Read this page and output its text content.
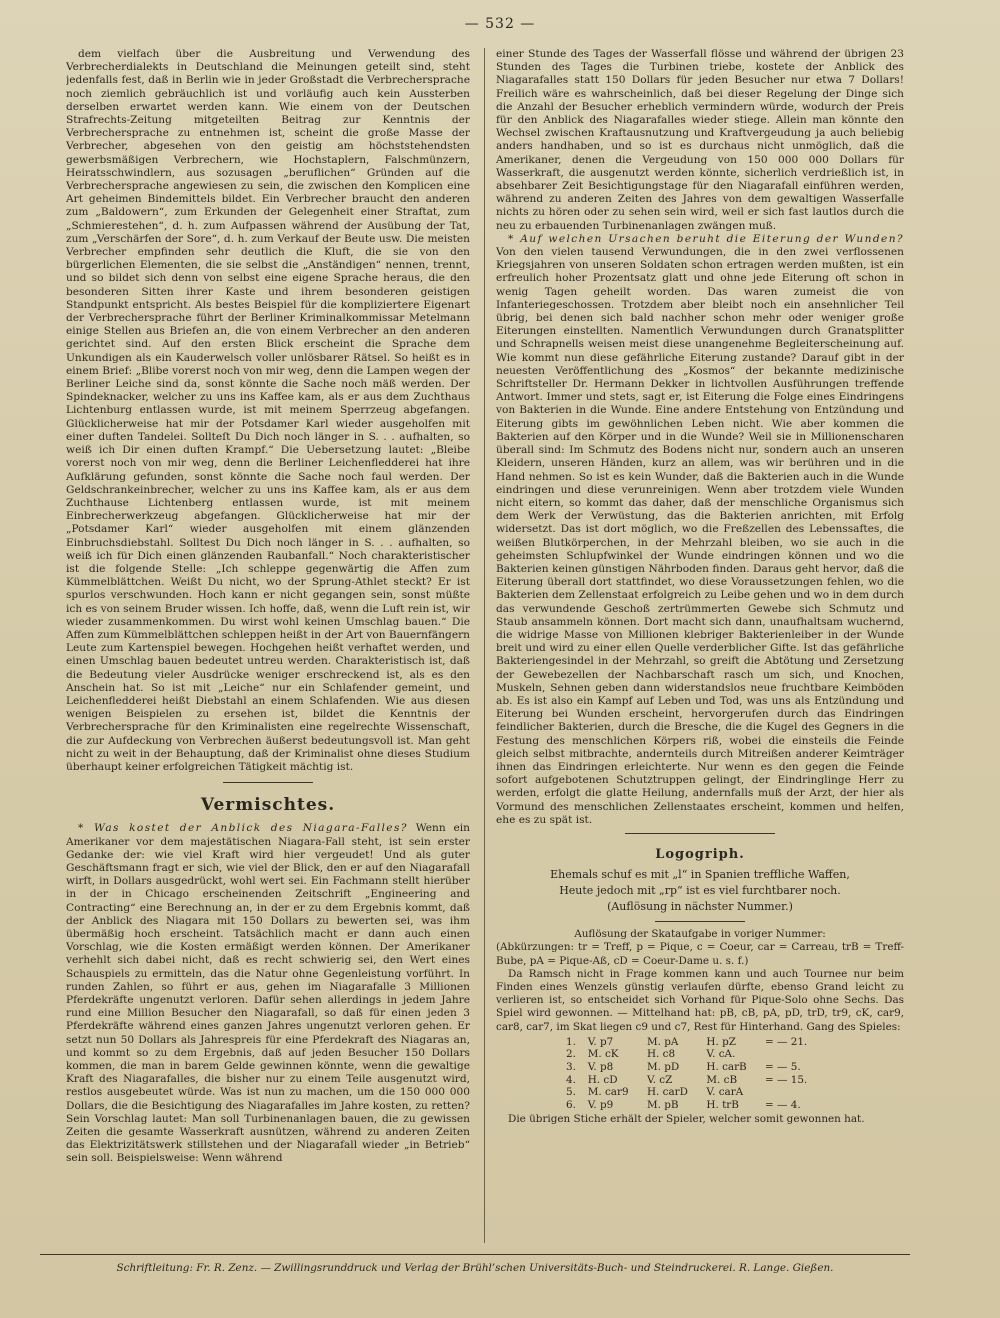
— 532 —

dem vielfach über die Ausbreitung und Verwendung des Verbrecherdialekts in Deutschland die Meinungen geteilt sind, steht jedenfalls fest, daß in Berlin wie in jeder Großstadt die Verbrechersprache noch ziemlich gebräuchlich ist und vorläufig auch kein Aussterben derselben erwartet werden kann. Wie einem von der Deutschen Strafrechts-Zeitung mitgeteilten Beitrag zur Kenntnis der Verbrechersprache zu entnehmen ist, scheint die große Masse der Verbrecher, abgesehen von den geistig am höchststehendsten gewerbsmäßigen Verbrechern, wie Hochstaplern, Falschmünzern, Heiratsschwindlern, aus sozusagen „beruflichen“ Gründen auf die Verbrechersprache angewiesen zu sein, die zwischen den Komplicen eine Art geheimen Bindemittels bildet. Ein Verbrecher braucht den anderen zum „Baldowern“, zum Erkunden der Gelegenheit einer Straftat, zum „Schmierestehen“, d. h. zum Aufpassen während der Ausübung der Tat, zum „Verschärfen der Sore“, d. h. zum Verkauf der Beute usw. Die meisten Verbrecher empfinden sehr deutlich die Kluft, die sie von den bürgerlichen Elementen, die sie selbst die „Anständigen“ nennen, trennt, und so bildet sich denn von selbst eine eigene Sprache heraus, die den besonderen Sitten ihrer Kaste und ihrem besonderen geistigen Standpunkt entspricht. Als bestes Beispiel für die kompliziertere Eigenart der Verbrechersprache führt der Berliner Kriminalkommissar Metelmann einige Stellen aus Briefen an, die von einem Verbrecher an den anderen gerichtet sind. Auf den ersten Blick erscheint die Sprache dem Unkundigen als ein Kauderwelsch voller unlösbarer Rätsel. So heißt es in einem Brief: „Blibe vorerst noch von mir weg, denn die Lampen wegen der Berliner Leiche sind da, sonst könnte die Sache noch mäß werden. Der Spindeknacker, welcher zu uns ins Kaffee kam, als er aus dem Zuchthaus Lichtenburg entlassen wurde, ist mit meinem Sperrzeug abgefangen. Glücklicherweise hat mir der Potsdamer Karl wieder ausgeholfen mit einer duften Tandelei. Sollteſt Du Dich noch länger in S. . . aufhalten, so weiß ich Dir einen duften Krampf.“ Die Uebersetzung lautet: „Bleibe vorerst noch von mir weg, denn die Berliner Leichenfledderei hat ihre Aufklärung gefunden, sonst könnte die Sache noch faul werden. Der Geldschrankeinbrecher, welcher zu uns ins Kaffee kam, als er aus dem Zuchthause Lichtenberg entlassen wurde, ist mit meinem Einbrecherwerkzeug abgefangen. Glücklicherweise hat mir der „Potsdamer Karl“ wieder ausgeholfen mit einem glänzenden Einbruchsdiebstahl. Solltest Du Dich noch länger in S. . . aufhalten, so weiß ich für Dich einen glänzenden Raubanfall.“ Noch charakteristischer ist die folgende Stelle: „Ich schleppe gegenwärtig die Affen zum Kümmelblättchen. Weißt Du nicht, wo der Sprung-Athlet steckt? Er ist spurlos verschwunden. Hoch kann er nicht gegangen sein, sonst müßte ich es von seinem Bruder wissen. Ich hoffe, daß, wenn die Luft rein ist, wir wieder zusammenkommen. Du wirst wohl keinen Umschlag bauen.“ Die Affen zum Kümmelblättchen schleppen heißt in der Art von Bauernfängern Leute zum Kartenspiel bewegen. Hochgehen heißt verhaftet werden, und einen Umschlag bauen bedeutet untreu werden. Charakteristisch ist, daß die Bedeutung vieler Ausdrücke weniger erschreckend ist, als es den Anschein hat. So ist mit „Leiche“ nur ein Schlafender gemeint, und Leichenfledderei heißt Diebstahl an einem Schlafenden. Wie aus diesen wenigen Beispielen zu ersehen ist, bildet die Kenntnis der Verbrechersprache für den Kriminalisten eine regelrechte Wissenschaft, die zur Aufdeckung von Verbrechen äußerst bedeutungsvoll ist. Man geht nicht zu weit in der Behauptung, daß der Kriminalist ohne dieses Studium überhaupt keiner erfolgreichen Tätigkeit mächtig ist.

Vermischtes.

* Was kostet der Anblick des Niagara-Falles? Wenn ein Amerikaner vor dem majestätischen Niagara-Fall steht, ist sein erster Gedanke der: wie viel Kraft wird hier vergeudet! Und als guter Geschäftsmann fragt er sich, wie viel der Blick, den er auf den Niagarafall wirft, in Dollars ausgedrückt, wohl wert sei. Ein Fachmann stellt hierüber in der in Chicago erscheinenden Zeitschrift „Engineering and Contracting“ eine Berechnung an, in der er zu dem Ergebnis kommt, daß der Anblick des Niagara mit 150 Dollars zu bewerten sei, was ihm übermäßig hoch erscheint. Tatsächlich macht er dann auch einen Vorschlag, wie die Kosten ermäßigt werden können. Der Amerikaner verhehlt sich dabei nicht, daß es recht schwierig sei, den Wert eines Schauspiels zu ermitteln, das die Natur ohne Gegenleistung vorführt. In runden Zahlen, so führt er aus, gehen im Niagarafalle 3 Millionen Pferdekräfte ungenutzt verloren. Dafür sehen allerdings in jedem Jahre rund eine Million Besucher den Niagarafall, so daß für einen jeden 3 Pferdekräfte während eines ganzen Jahres ungenutzt verloren gehen. Er setzt nun 50 Dollars als Jahrespreis für eine Pferdekraft des Niagaras an, und kommt so zu dem Ergebnis, daß auf jeden Besucher 150 Dollars kommen, die man in barem Gelde gewinnen könnte, wenn die gewaltige Kraft des Niagarafalles, die bisher nur zu einem Teile ausgenutzt wird, restlos ausgebeutet würde. Was ist nun zu machen, um die 150 000 000 Dollars, die die Besichtigung des Niagarafalles im Jahre kosten, zu retten? Sein Vorschlag lautet: Man soll Turbinenanlagen bauen, die zu gewissen Zeiten die gesamte Wasserkraft ausnützen, während zu anderen Zeiten das Elektrizitätswerk stillstehen und der Niagarafall wieder „in Betrieb“ sein soll. Beispielsweise: Wenn während

einer Stunde des Tages der Wasserfall flösse und während der übrigen 23 Stunden des Tages die Turbinen triebe, kostete der Anblick des Niagarafalles statt 150 Dollars für jeden Besucher nur etwa 7 Dollars! Freilich wäre es wahrscheinlich, daß bei dieser Regelung der Dinge sich die Anzahl der Besucher erheblich vermindern würde, wodurch der Preis für den Anblick des Niagarafalles wieder stiege. Allein man könnte den Wechsel zwischen Kraftausnutzung und Kraftvergeudung ja auch beliebig anders handhaben, und so ist es durchaus nicht unmöglich, daß die Amerikaner, denen die Vergeudung von 150 000 000 Dollars für Wasserkraft, die ausgenutzt werden könnte, sicherlich verdrießlich ist, in absehbarer Zeit Besichtigungstage für den Niagarafall einführen werden, während zu anderen Zeiten des Jahres von dem gewaltigen Wasserfalle nichts zu hören oder zu sehen sein wird, weil er sich fast lautlos durch die neu zu erbauenden Turbinenanlagen zwängen muß.

* Auf welchen Ursachen beruht die Eiterung der Wunden? Von den vielen tausend Verwundungen, die in den zwei verflossenen Kriegsjahren von unseren Soldaten schon ertragen werden mußten, ist ein erfreulich hoher Prozentsatz glatt und ohne jede Eiterung oft schon in wenig Tagen geheilt worden. Das waren zumeist die von Infanteriegeschossen. Trotzdem aber bleibt noch ein ansehnlicher Teil übrig, bei denen sich bald nachher schon mehr oder weniger große Eiterungen einstellten. Namentlich Verwundungen durch Granatsplitter und Schrapnells weisen meist diese unangenehme Begleiterscheinung auf. Wie kommt nun diese gefährliche Eiterung zustande? Darauf gibt in der neuesten Veröffentlichung des „Kosmos“ der bekannte medizinische Schriftsteller Dr. Hermann Dekker in lichtvollen Ausführungen treffende Antwort. Immer und stets, sagt er, ist Eiterung die Folge eines Eindringens von Bakterien in die Wunde. Eine andere Entstehung von Entzündung und Eiterung gibts im gewöhnlichen Leben nicht. Wie aber kommen die Bakterien auf den Körper und in die Wunde? Weil sie in Millionenscharen überall sind: Im Schmutz des Bodens nicht nur, sondern auch an unseren Kleidern, unseren Händen, kurz an allem, was wir berühren und in die Hand nehmen. So ist es kein Wunder, daß die Bakterien auch in die Wunde eindringen und diese verunreinigen. Wenn aber trotzdem viele Wunden nicht eitern, so kommt das daher, daß der menschliche Organismus sich dem Werk der Verwüstung, das die Bakterien anrichten, mit Erfolg widersetzt. Das ist dort möglich, wo die Freßzellen des Lebenssaftes, die weißen Blutkörperchen, in der Mehrzahl bleiben, wo sie auch in die geheimsten Schlupfwinkel der Wunde eindringen können und wo die Bakterien keinen günstigen Nährboden finden. Daraus geht hervor, daß die Eiterung überall dort stattfindet, wo diese Voraussetzungen fehlen, wo die Bakterien dem Zellenstaat erfolgreich zu Leibe gehen und wo in dem durch das verwundende Geschoß zertrümmerten Gewebe sich Schmutz und Staub ansammeln können. Dort macht sich dann, unaufhaltsam wuchernd, die widrige Masse von Millionen klebriger Bakterienleiber in der Wunde breit und wird zu einer ellen Quelle verderblicher Gifte. Ist das gefährliche Bakteriengesindel in der Mehrzahl, so greift die Abtötung und Zersetzung der Gewebezellen der Nachbarschaft rasch um sich, und Knochen, Muskeln, Sehnen geben dann widerstandslos neue fruchtbare Keimböden ab. Es ist also ein Kampf auf Leben und Tod, was uns als Entzündung und Eiterung bei Wunden erscheint, hervorgerufen durch das Eindringen feindlicher Bakterien, durch die Bresche, die die Kugel des Gegners in die Festung des menschlichen Körpers riß, wobei die einsteils die Feinde gleich selbst mitbrachte, andernteils durch Mitreißen anderer Keimträger ihnen das Eindringen erleichterte. Nur wenn es den gegen die Feinde sofort aufgebotenen Schutztruppen gelingt, der Eindringlinge Herr zu werden, erfolgt die glatte Heilung, andernfalls muß der Arzt, der hier als Vormund des menschlichen Zellenstaates erscheint, kommen und helfen, ehe es zu spät ist.

Logogriph.

Ehemals schuf es mit „l“ in Spanien treffliche Waffen,

Heute jedoch mit „rp“ ist es viel furchtbarer noch.

(Auflösung in nächster Nummer.)

Auflösung der Skataufgabe in voriger Nummer:

(Abkürzungen: tr = Treff, p = Pique, c = Coeur, car = Carreau, trB = Treff-Bube, pA = Pique-Aß, cD = Coeur-Dame u. s. f.)

Da Ramsch nicht in Frage kommen kann und auch Tournee nur beim Finden eines Wenzels günstig verlaufen dürfte, ebenso Grand leicht zu verlieren ist, so entscheidet sich Vorhand für Pique-Solo ohne Sechs. Das Spiel wird gewonnen. — Mittelhand hat: pB, cB, pA, pD, trD, tr9, cK, car9, car8, car7, im Skat liegen c9 und c7, Rest für Hinterhand. Gang des Spieles:

1.	V. p7	M. pA	H. pZ	= — 21.
2.	M. cK	H. c8	V. cA.	
3.	V. p8	M. pD	H. carB	= — 5.
4.	H. cD	V. cZ	M. cB	= — 15.
5.	M. car9	H. carD	V. carA	
6.	V. p9	M. pB	H. trB	= — 4.

Die übrigen Stiche erhält der Spieler, welcher somit gewonnen hat.

Schriftleitung: Fr. R. Zenz. — Zwillingsrunddruck und Verlag der Brühl’schen Universitäts-Buch- und Steindruckerei. R. Lange. Gießen.
